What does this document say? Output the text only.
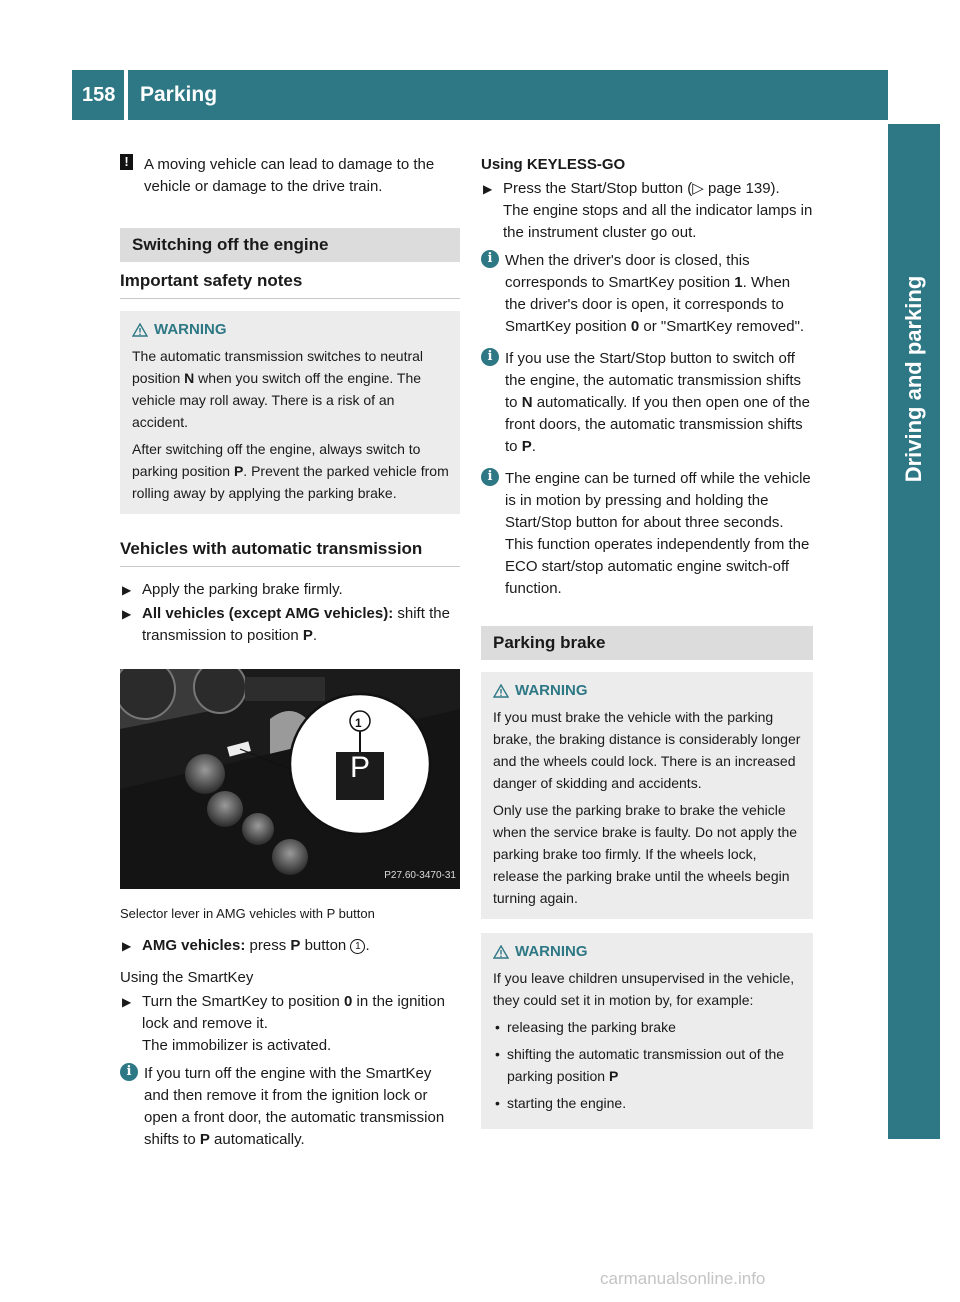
158 Parking
Driving and parking
! A moving vehicle can lead to damage to the vehicle or damage to the drive train.
Switching off the engine
Important safety notes
WARNING

The automatic transmission switches to neutral position N when you switch off the engine. The vehicle may roll away. There is a risk of an accident.

After switching off the engine, always switch to parking position P. Prevent the parked vehicle from rolling away by applying the parking brake.

Vehicles with automatic transmission
▶ Apply the parking brake firmly.
▶ All vehicles (except AMG vehicles): shift the transmission to position P.
1
P
P27.60-3470-31
Selector lever in AMG vehicles with P button
▶ AMG vehicles: press P button 1 .
Using the SmartKey
▶ Turn the SmartKey to position 0 in the ignition lock and remove it.
The immobilizer is activated.
i If you turn off the engine with the SmartKey and then remove it from the ignition lock or open a front door, the automatic transmission shifts to P automatically.
Using KEYLESS-GO
▶ Press the Start/Stop button (▷ page 139).
The engine stops and all the indicator lamps in the instrument cluster go out.
i When the driver's door is closed, this corresponds to SmartKey position 1. When the driver's door is open, it corresponds to SmartKey position 0 or "SmartKey removed".
i If you use the Start/Stop button to switch off the engine, the automatic transmission shifts to N automatically. If you then open one of the front doors, the automatic transmission shifts to P.
i The engine can be turned off while the vehicle is in motion by pressing and holding the Start/Stop button for about three seconds. This function operates independently from the ECO start/stop automatic engine switch-off function.
Parking brake
WARNING

If you must brake the vehicle with the parking brake, the braking distance is considerably longer and the wheels could lock. There is an increased danger of skidding and accidents.

Only use the parking brake to brake the vehicle when the service brake is faulty. Do not apply the parking brake too firmly. If the wheels lock, release the parking brake until the wheels begin turning again.

WARNING

If you leave children unsupervised in the vehicle, they could set it in motion by, for example:

• releasing the parking brake
• shifting the automatic transmission out of the parking position P
• starting the engine.
carmanualsonline.info
